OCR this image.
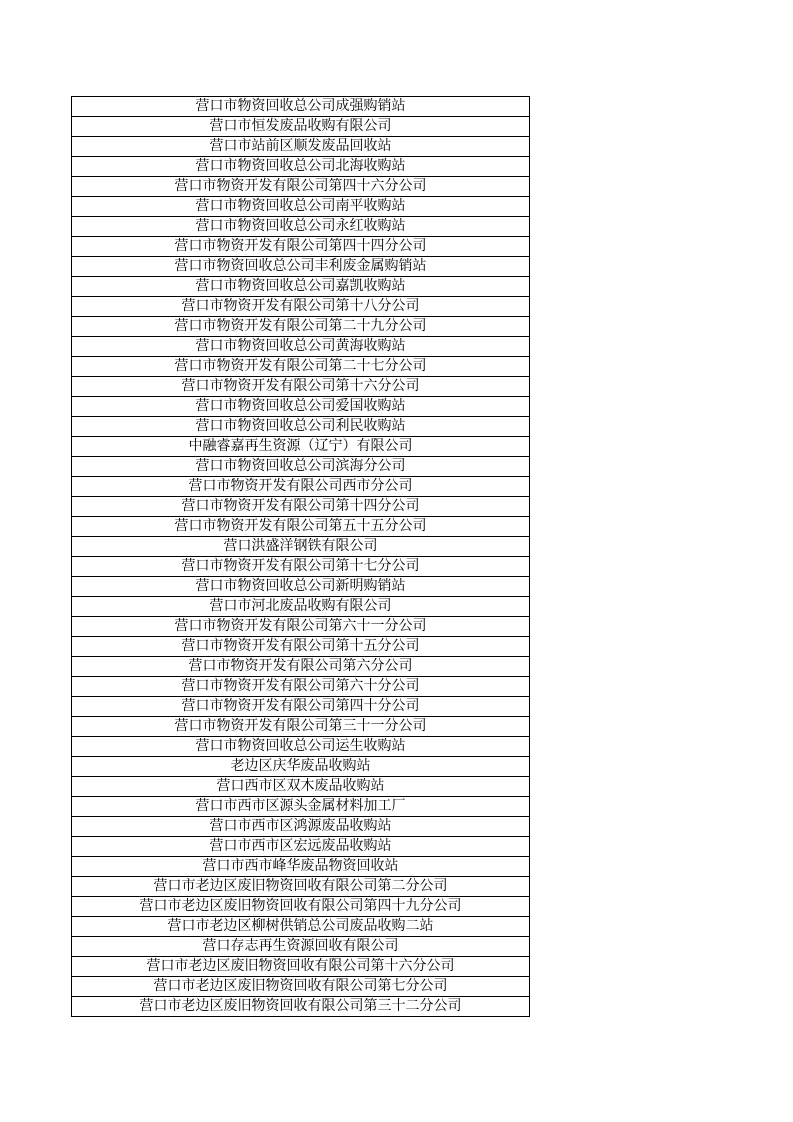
营口市物资回收总公司成强购销站
营口市恒发废品收购有限公司
营口市站前区顺发废品回收站
营口市物资回收总公司北海收购站
营口市物资开发有限公司第四十六分公司
营口市物资回收总公司南平收购站
营口市物资回收总公司永红收购站
营口市物资开发有限公司第四十四分公司
营口市物资回收总公司丰利废金属购销站
营口市物资回收总公司嘉凯收购站
营口市物资开发有限公司第十八分公司
营口市物资开发有限公司第二十九分公司
营口市物资回收总公司黄海收购站
营口市物资开发有限公司第二十七分公司
营口市物资开发有限公司第十六分公司
营口市物资回收总公司爱国收购站
营口市物资回收总公司利民收购站
中融睿嘉再生资源（辽宁）有限公司
营口市物资回收总公司滨海分公司
营口市物资开发有限公司西市分公司
营口市物资开发有限公司第十四分公司
营口市物资开发有限公司第五十五分公司
营口洪盛洋钢铁有限公司
营口市物资开发有限公司第十七分公司
营口市物资回收总公司新明购销站
营口市河北废品收购有限公司
营口市物资开发有限公司第六十一分公司
营口市物资开发有限公司第十五分公司
营口市物资开发有限公司第六分公司
营口市物资开发有限公司第六十分公司
营口市物资开发有限公司第四十分公司
营口市物资开发有限公司第三十一分公司
营口市物资回收总公司运生收购站
老边区庆华废品收购站
营口西市区双木废品收购站
营口市西市区源头金属材料加工厂
营口市西市区鸿源废品收购站
营口市西市区宏远废品收购站
营口市西市峰华废品物资回收站
营口市老边区废旧物资回收有限公司第二分公司
营口市老边区废旧物资回收有限公司第四十九分公司
营口市老边区柳树供销总公司废品收购二站
营口存志再生资源回收有限公司
营口市老边区废旧物资回收有限公司第十六分公司
营口市老边区废旧物资回收有限公司第七分公司
营口市老边区废旧物资回收有限公司第三十二分公司
